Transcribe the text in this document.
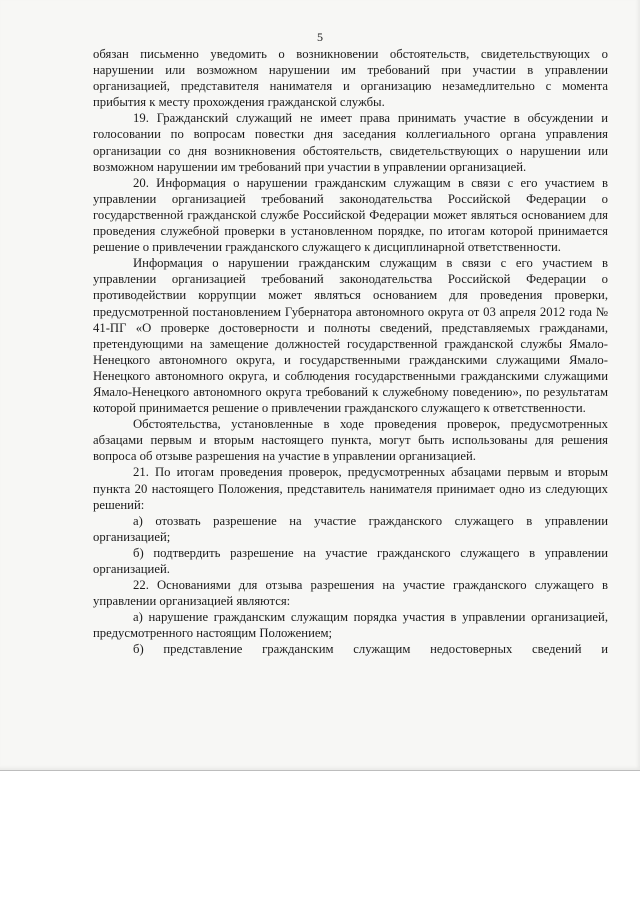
5

обязан письменно уведомить о возникновении обстоятельств, свидетельствующих о нарушении или возможном нарушении им требований при участии в управлении организацией, представителя нанимателя и организацию незамедлительно с момента прибытия к месту прохождения гражданской службы.

19. Гражданский служащий не имеет права принимать участие в обсуждении и голосовании по вопросам повестки дня заседания коллегиального органа управления организации со дня возникновения обстоятельств, свидетельствующих о нарушении или возможном нарушении им требований при участии в управлении организацией.

20. Информация о нарушении гражданским служащим в связи с его участием в управлении организацией требований законодательства Российской Федерации о государственной гражданской службе Российской Федерации может являться основанием для проведения служебной проверки в установленном порядке, по итогам которой принимается решение о привлечении гражданского служащего к дисциплинарной ответственности.

Информация о нарушении гражданским служащим в связи с его участием в управлении организацией требований законодательства Российской Федерации о противодействии коррупции может являться основанием для проведения проверки, предусмотренной постановлением Губернатора автономного округа от 03 апреля 2012 года № 41-ПГ «О проверке достоверности и полноты сведений, представляемых гражданами, претендующими на замещение должностей государственной гражданской службы Ямало-Ненецкого автономного округа, и государственными гражданскими служащими Ямало-Ненецкого автономного округа, и соблюдения государственными гражданскими служащими Ямало-Ненецкого автономного округа требований к служебному поведению», по результатам которой принимается решение о привлечении гражданского служащего к ответственности.

Обстоятельства, установленные в ходе проведения проверок, предусмотренных абзацами первым и вторым настоящего пункта, могут быть использованы для решения вопроса об отзыве разрешения на участие в управлении организацией.

21. По итогам проведения проверок, предусмотренных абзацами первым и вторым пункта 20 настоящего Положения, представитель нанимателя принимает одно из следующих решений:

а) отозвать разрешение на участие гражданского служащего в управлении организацией;

б) подтвердить разрешение на участие гражданского служащего в управлении организацией.

22. Основаниями для отзыва разрешения на участие гражданского служащего в управлении организацией являются:

а) нарушение гражданским служащим порядка участия в управлении организацией, предусмотренного настоящим Положением;

б) представление гражданским служащим недостоверных сведений и
